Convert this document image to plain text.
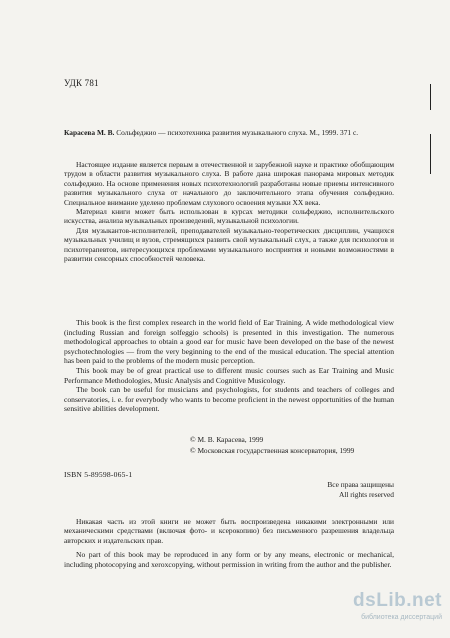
УДК 781
Карасева М. В. Сольфеджио — психотехника развития музыкального слуха. М., 1999. 371 с.

Настоящее издание является первым в отечественной и зарубежной науке и практике обобщающим трудом в области развития музыкального слуха. В работе дана широкая панорама мировых методик сольфеджио. На основе применения новых психотехнологий разработаны новые приемы интенсивного развития музыкального слуха от начального до заключительного этапа обучения сольфеджио. Специальное внимание уделено проблемам слухового освоения музыки XX века.

Материал книги может быть использован в курсах методики сольфеджио, исполнительского искусства, анализа музыкальных произведений, музыкальной психологии.

Для музыкантов-исполнителей, преподавателей музыкально-теоретических дисциплин, учащихся музыкальных училищ и вузов, стремящихся развить свой музыкальный слух, а также для психологов и психотерапевтов, интересующихся проблемами музыкального восприятия и новыми возможностями в развитии сенсорных способностей человека.

This book is the first complex research in the world field of Ear Training. A wide methodological view (including Russian and foreign solfeggio schools) is presented in this investigation. The numerous methodological approaches to obtain a good ear for music have been developed on the base of the newest psychotechnologies — from the very beginning to the end of the musical education. The special attention has been paid to the problems of the modern music perception.

This book may be of great practical use to different music courses such as Ear Training and Music Performance Methodologies, Music Analysis and Cognitive Musicology.

The book can be useful for musicians and psychologists, for students and teachers of colleges and conservatories, i. e. for everybody who wants to become proficient in the newest opportunities of the human sensitive abilities development.

© М. В. Карасева, 1999
© Московская государственная консерватория, 1999
ISBN 5-89598-065-1
Все права защищены
All rights reserved

Никакая часть из этой книги не может быть воспроизведена никакими электронными или механическими средствами (включая фото- и ксерокопию) без письменного разрешения владельца авторских и издательских прав.

No part of this book may be reproduced in any form or by any means, electronic or mechanical, including photocopying and xeroxcopying, without permission in writing from the author and the publisher.

dsLib.net
библиотека диссертаций
